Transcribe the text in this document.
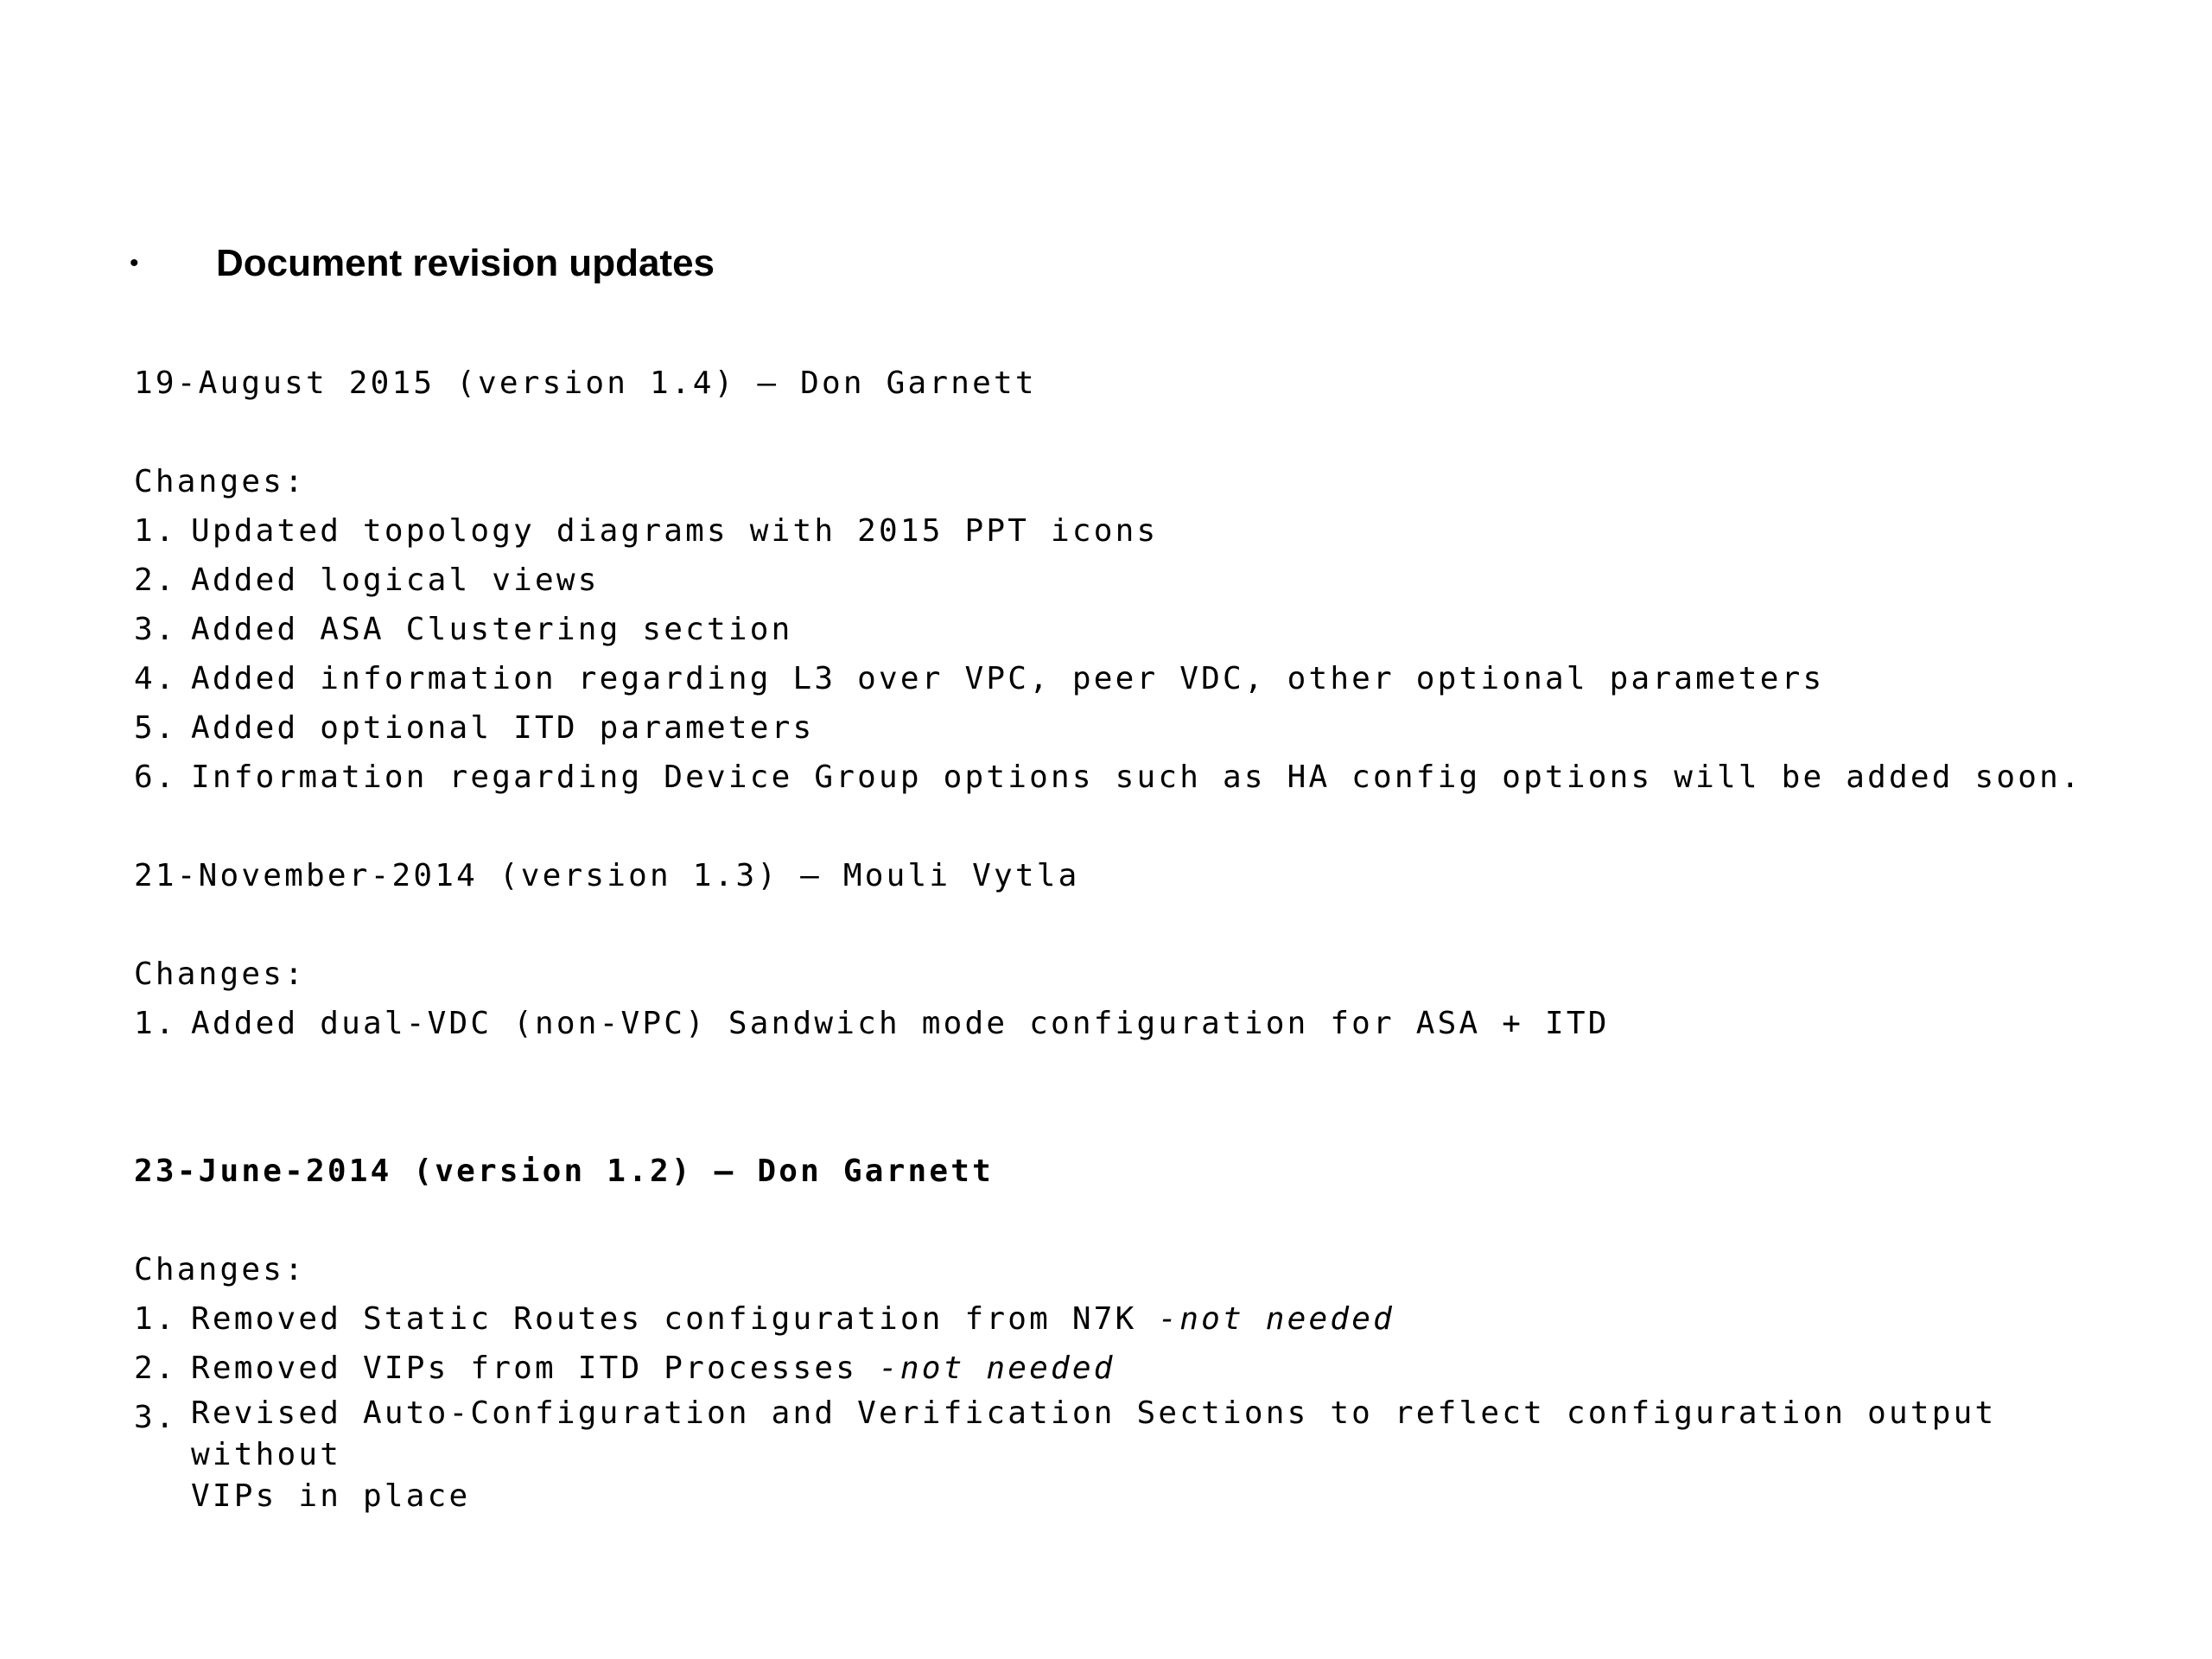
•	Document revision updates
19-August 2015 (version 1.4) – Don Garnett
Changes:
1. Updated topology diagrams with 2015 PPT icons
2. Added logical views
3. Added ASA Clustering section
4. Added information regarding L3 over VPC, peer VDC, other optional parameters
5. Added optional ITD parameters
6. Information regarding Device Group options such as HA config options will be added soon.
21-November-2014 (version 1.3) – Mouli Vytla
Changes:
1. Added dual-VDC (non-VPC) Sandwich mode configuration for ASA + ITD
23-June-2014 (version 1.2) – Don Garnett
Changes:
1. Removed Static Routes configuration from N7K -not needed
2. Removed VIPs from ITD Processes -not needed
3. Revised Auto-Configuration and Verification Sections to reflect configuration output without
VIPs in place
